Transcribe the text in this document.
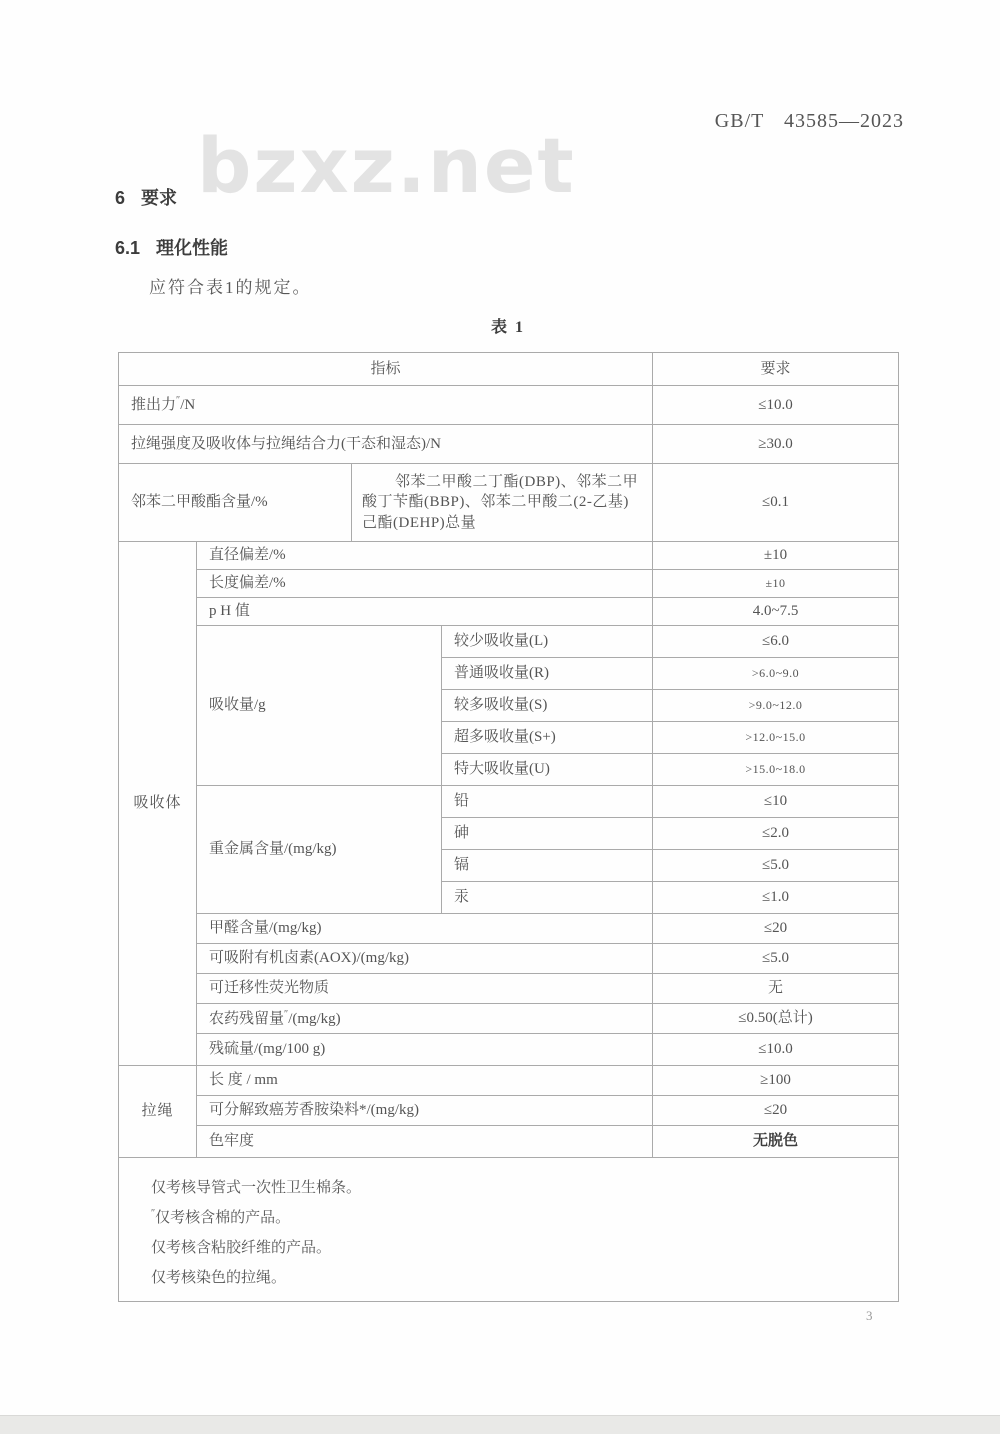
GB/T 43585—2023
bzxz.net
6 要求
6.1 理化性能
应符合表1的规定。
表 1
指标				要求
推出力″/N				≤10.0
拉绳强度及吸收体与拉绳结合力(干态和湿态)/N				≥30.0
邻苯二甲酸酯含量/%		邻苯二甲酸二丁酯(DBP)、邻苯二甲酸丁苄酯(BBP)、邻苯二甲酸二(2-乙基)己酯(DEHP)总量		≤0.1
吸收体	直径偏差/%			±10
	长度偏差/%			±10
	p H 值			4.0~7.5
	吸收量/g		较少吸收量(L)	≤6.0
			普通吸收量(R)	>6.0~9.0
			较多吸收量(S)	>9.0~12.0
			超多吸收量(S+)	>12.0~15.0
			特大吸收量(U)	>15.0~18.0
	重金属含量/(mg/kg)		铅	≤10
			砷	≤2.0
			镉	≤5.0
			汞	≤1.0
	甲醛含量/(mg/kg)			≤20
	可吸附有机卤素(AOX)/(mg/kg)			≤5.0
	可迁移性荧光物质			无
	农药残留量″/(mg/kg)			≤0.50(总计)
	残硫量/(mg/100 g)			≤10.0
拉绳	长 度 / mm			≥100
	可分解致癌芳香胺染料*/(mg/kg)			≤20
	色牢度			无脱色

仅考核导管式一次性卫生棉条。
″仅考核含棉的产品。
仅考核含粘胶纤维的产品。
仅考核染色的拉绳。				
3
